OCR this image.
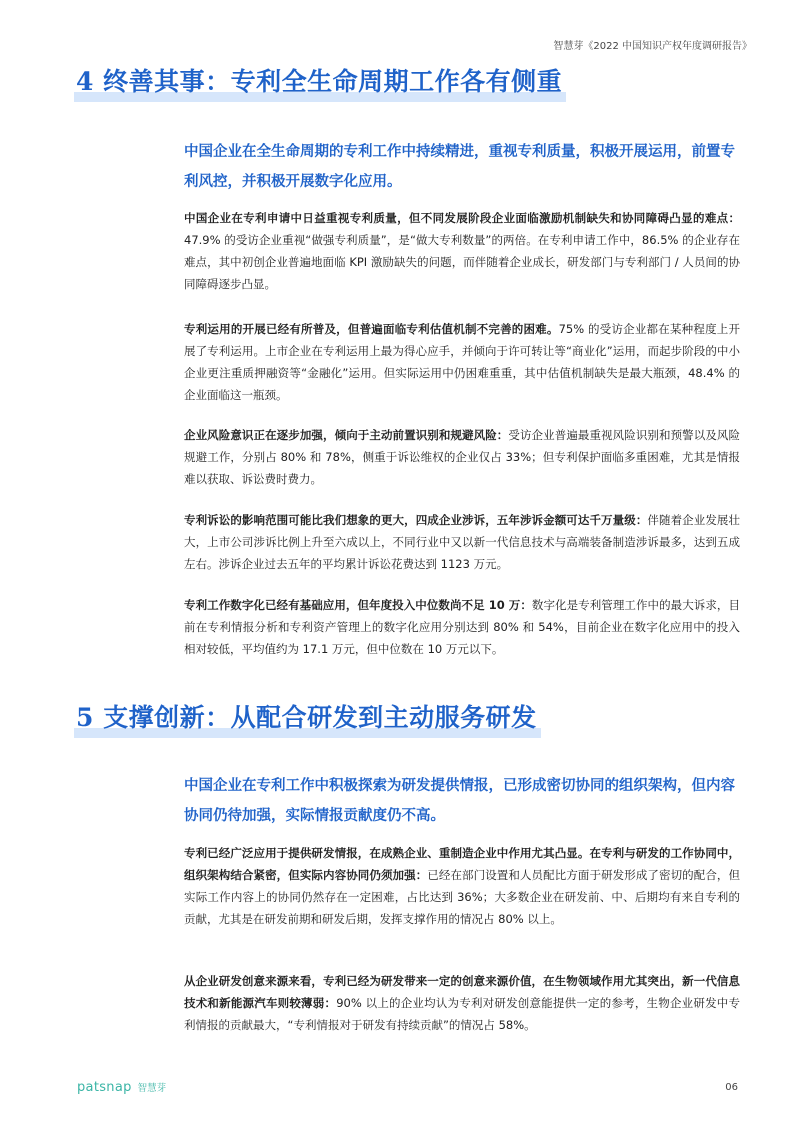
智慧芽《2022 中国知识产权年度调研报告》
4 终善其事：专利全生命周期工作各有侧重
中国企业在全生命周期的专利工作中持续精进，重视专利质量，积极开展运用，前置专利风控，并积极开展数字化应用。
中国企业在专利申请中日益重视专利质量，但不同发展阶段企业面临激励机制缺失和协同障碍凸显的难点：47.9% 的受访企业重视“做强专利质量”，是“做大专利数量”的两倍。在专利申请工作中，86.5% 的企业存在难点，其中初创企业普遍地面临 KPI 激励缺失的问题，而伴随着企业成长，研发部门与专利部门 / 人员间的协同障碍逐步凸显。
专利运用的开展已经有所普及，但普遍面临专利估值机制不完善的困难。75% 的受访企业都在某种程度上开展了专利运用。上市企业在专利运用上最为得心应手，并倾向于许可转让等“商业化”运用，而起步阶段的中小企业更注重质押融资等“金融化”运用。但实际运用中仍困难重重，其中估值机制缺失是最大瓶颈，48.4% 的企业面临这一瓶颈。
企业风险意识正在逐步加强，倾向于主动前置识别和规避风险：受访企业普遍最重视风险识别和预警以及风险规避工作，分别占 80% 和 78%，侧重于诉讼维权的企业仅占 33%；但专利保护面临多重困难，尤其是情报难以获取、诉讼费时费力。
专利诉讼的影响范围可能比我们想象的更大，四成企业涉诉，五年涉诉金额可达千万量级：伴随着企业发展壮大，上市公司涉诉比例上升至六成以上，不同行业中又以新一代信息技术与高端装备制造涉诉最多，达到五成左右。涉诉企业过去五年的平均累计诉讼花费达到 1123 万元。
专利工作数字化已经有基础应用，但年度投入中位数尚不足 10 万：数字化是专利管理工作中的最大诉求，目前在专利情报分析和专利资产管理上的数字化应用分别达到 80% 和 54%，目前企业在数字化应用中的投入相对较低，平均值约为 17.1 万元，但中位数在 10 万元以下。
5 支撑创新：从配合研发到主动服务研发
中国企业在专利工作中积极探索为研发提供情报，已形成密切协同的组织架构，但内容协同仍待加强，实际情报贡献度仍不高。
专利已经广泛应用于提供研发情报，在成熟企业、重制造企业中作用尤其凸显。在专利与研发的工作协同中，组织架构结合紧密，但实际内容协同仍须加强：已经在部门设置和人员配比方面于研发形成了密切的配合，但实际工作内容上的协同仍然存在一定困难，占比达到 36%；大多数企业在研发前、中、后期均有来自专利的贡献，尤其是在研发前期和研发后期，发挥支撑作用的情况占 80% 以上。
从企业研发创意来源来看，专利已经为研发带来一定的创意来源价值，在生物领域作用尤其突出，新一代信息技术和新能源汽车则较薄弱：90% 以上的企业均认为专利对研发创意能提供一定的参考，生物企业研发中专利情报的贡献最大，“专利情报对于研发有持续贡献”的情况占 58%。
patsnap 智慧芽	06
